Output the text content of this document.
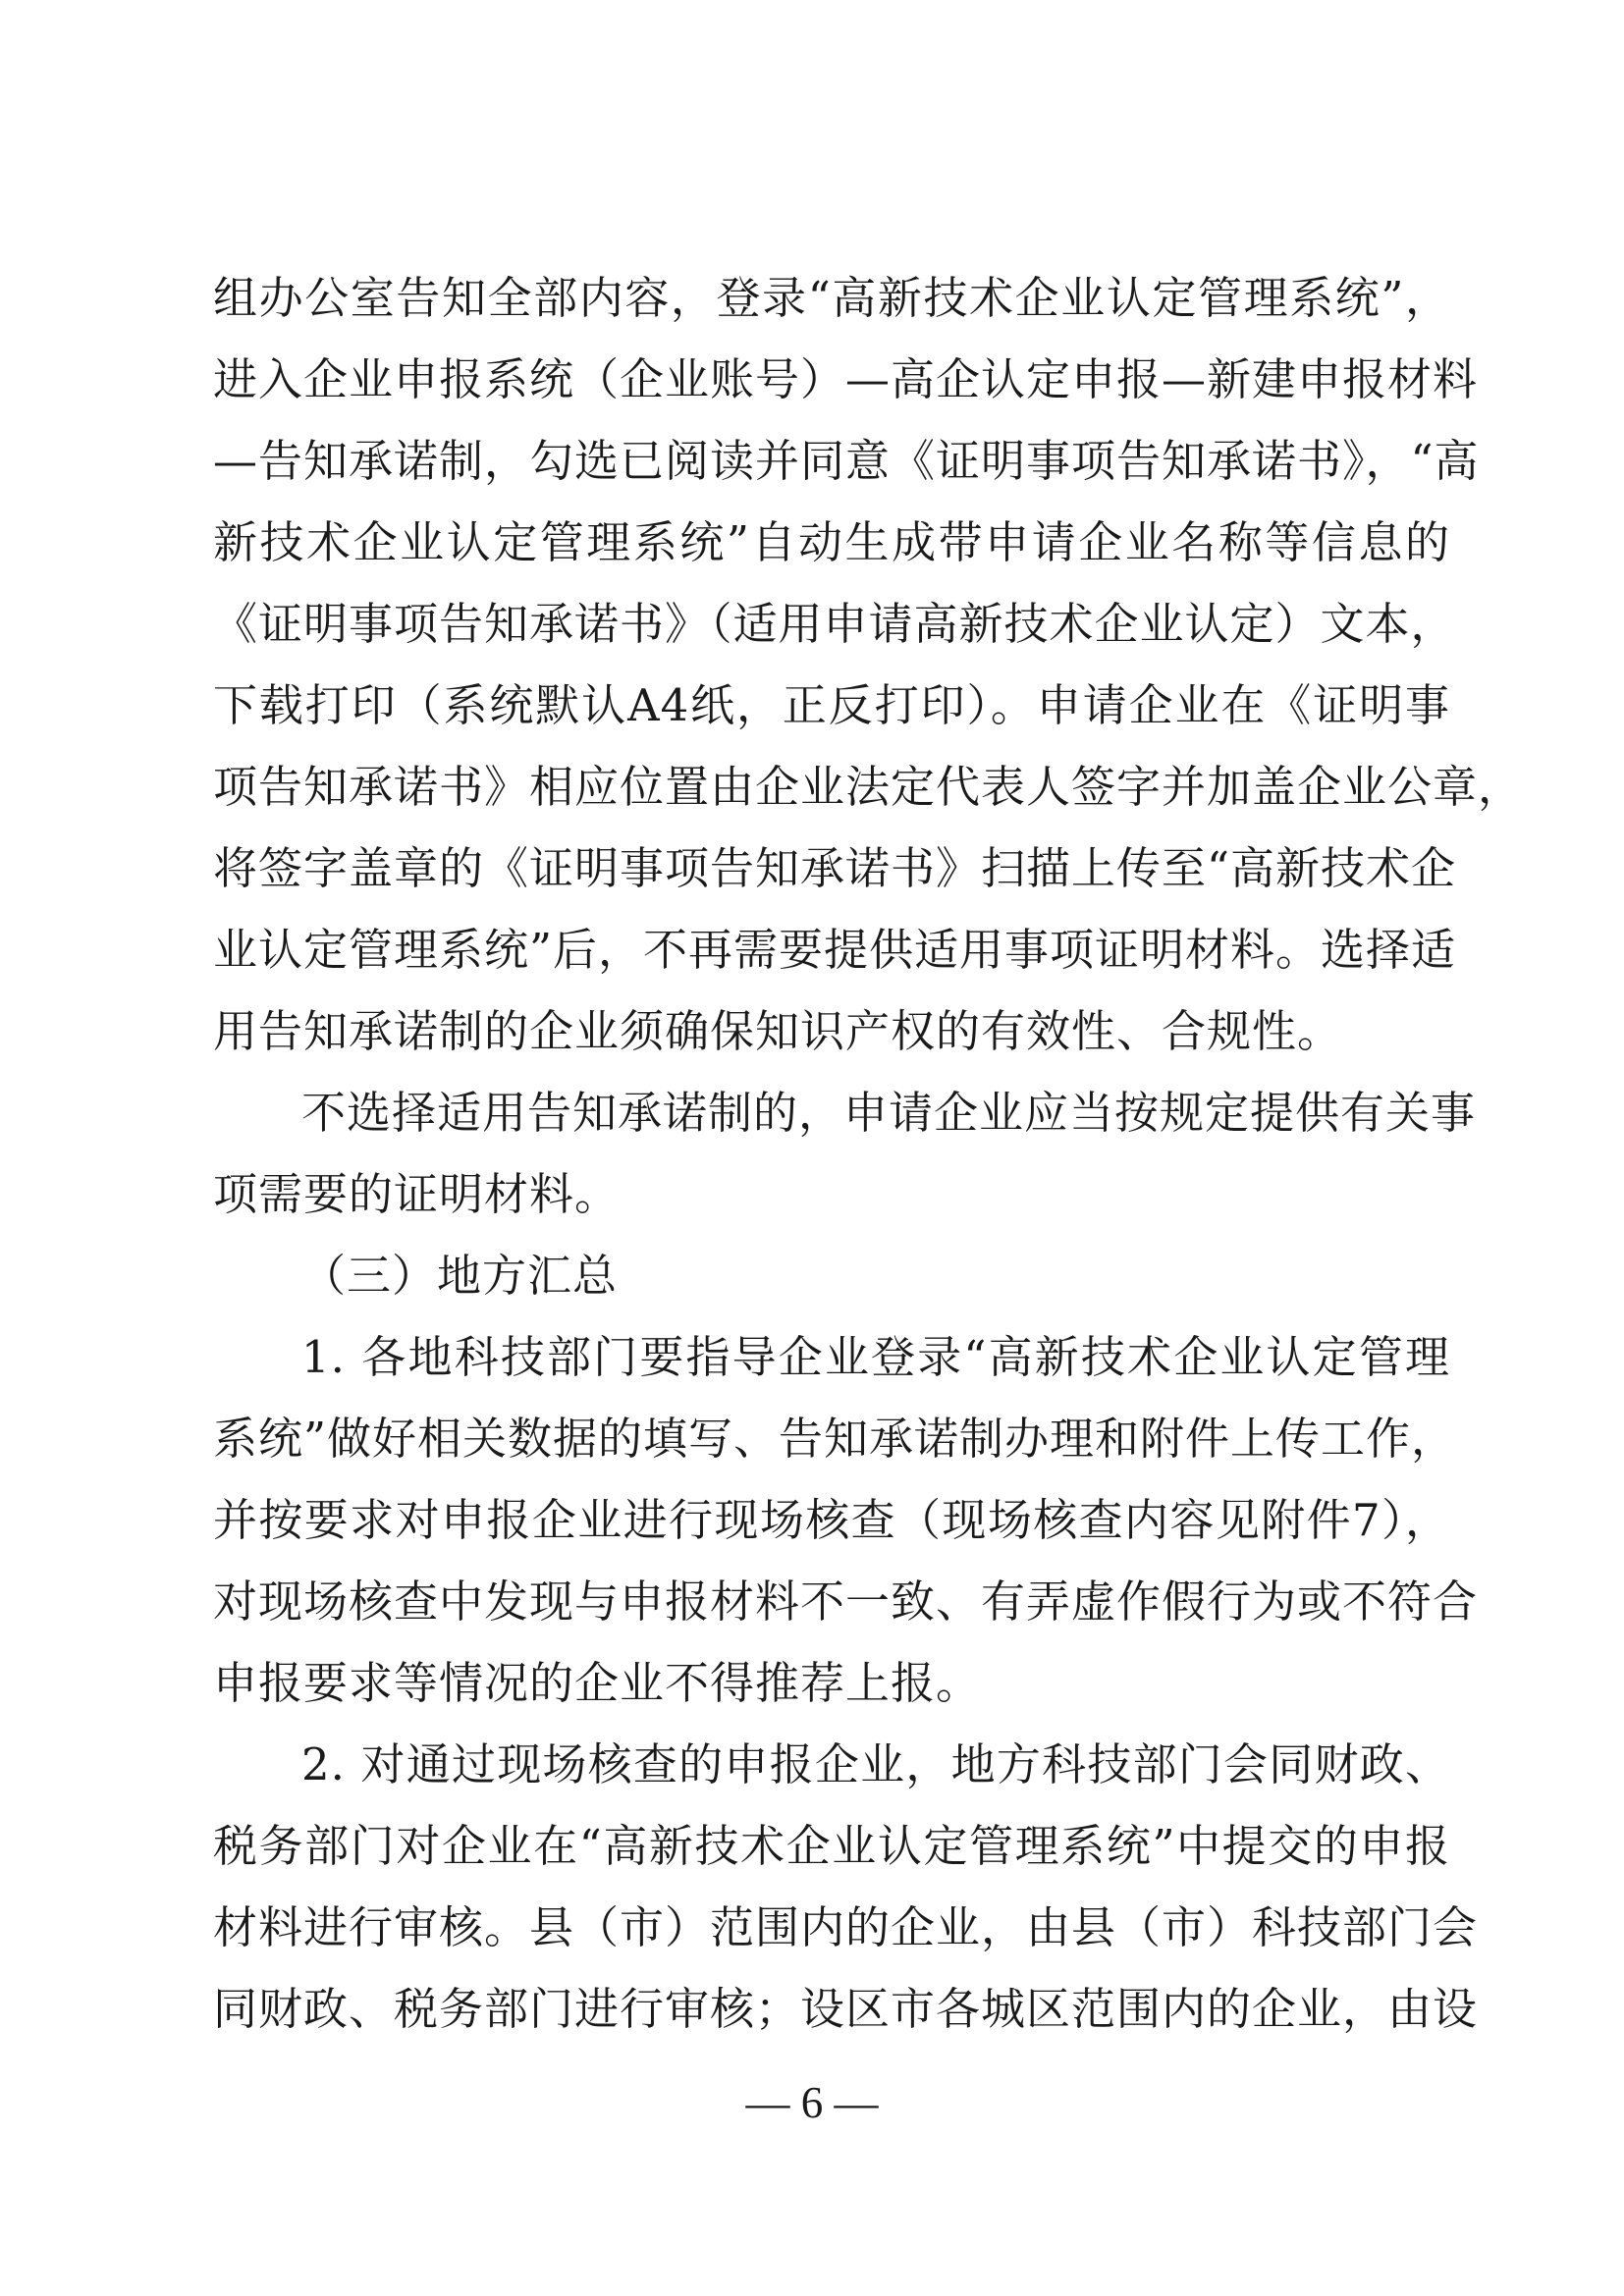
组办公室告知全部内容，登录“高新技术企业认定管理系统”，
进入企业申报系统（企业账号）—高企认定申报—新建申报材料
—告知承诺制，勾选已阅读并同意《证明事项告知承诺书》，“高
新技术企业认定管理系统”自动生成带申请企业名称等信息的
《证明事项告知承诺书》（适用申请高新技术企业认定）文本，
下载打印（系统默认A4纸，正反打印）。申请企业在《证明事
项告知承诺书》相应位置由企业法定代表人签字并加盖企业公章，
将签字盖章的《证明事项告知承诺书》扫描上传至“高新技术企
业认定管理系统”后，不再需要提供适用事项证明材料。选择适
用告知承诺制的企业须确保知识产权的有效性、合规性。
不选择适用告知承诺制的，申请企业应当按规定提供有关事
项需要的证明材料。
（三）地方汇总
1. 各地科技部门要指导企业登录“高新技术企业认定管理
系统”做好相关数据的填写、告知承诺制办理和附件上传工作，
并按要求对申报企业进行现场核查（现场核查内容见附件7），
对现场核查中发现与申报材料不一致、有弄虚作假行为或不符合
申报要求等情况的企业不得推荐上报。
2. 对通过现场核查的申报企业，地方科技部门会同财政、
税务部门对企业在“高新技术企业认定管理系统”中提交的申报
材料进行审核。县（市）范围内的企业，由县（市）科技部门会
同财政、税务部门进行审核；设区市各城区范围内的企业，由设
— 6 —
